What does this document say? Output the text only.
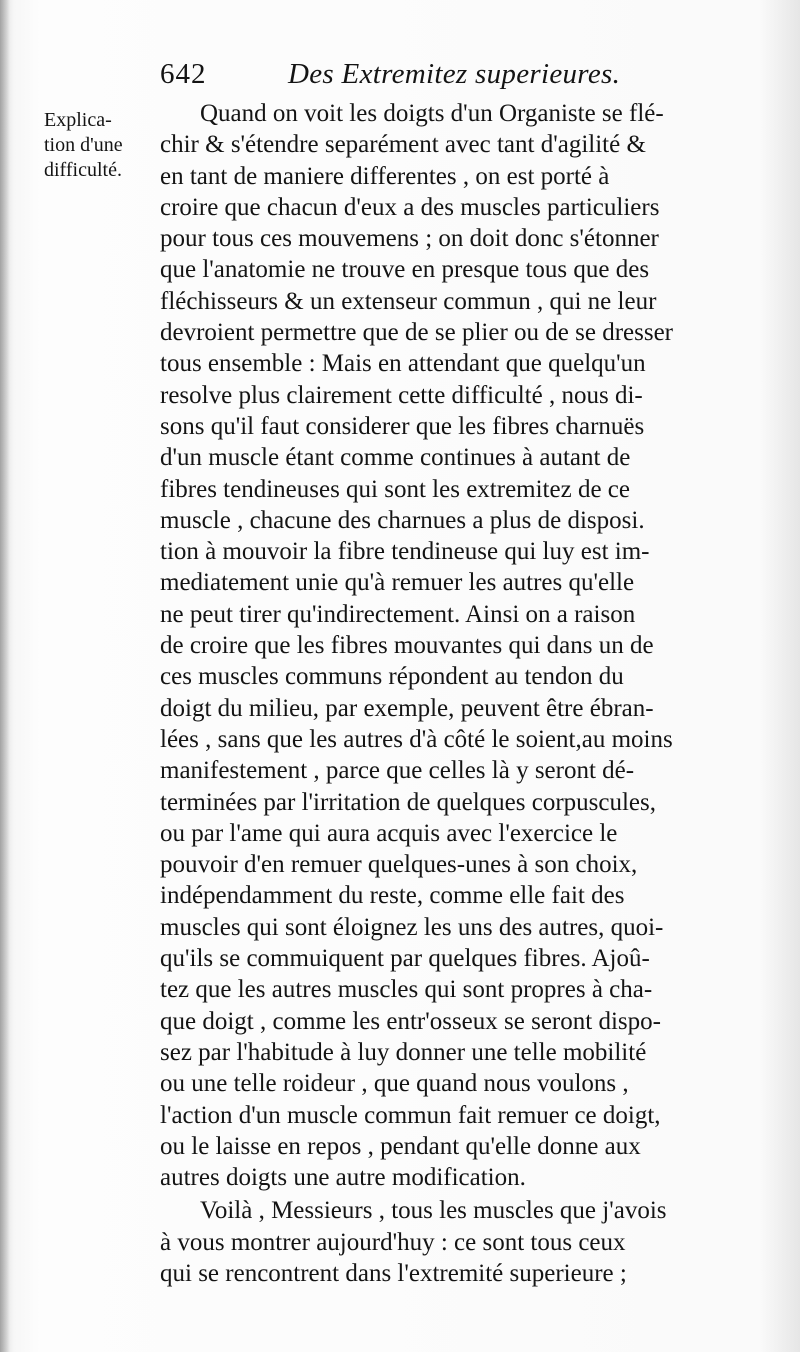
642	Des Extremitez superieures.
Explica-
tion d'une
difficulté.
Quand on voit les doigts d'un Organiste se flé-
chir & s'étendre separément avec tant d'agilité &
en tant de maniere differentes , on est porté à
croire que chacun d'eux a des muscles particuliers
pour tous ces mouvemens ; on doit donc s'étonner
que l'anatomie ne trouve en presque tous que des
fléchisseurs & un extenseur commun , qui ne leur
devroient permettre que de se plier ou de se dresser
tous ensemble : Mais en attendant que quelqu'un
resolve plus clairement cette difficulté , nous di-
sons qu'il faut considerer que les fibres charnuës
d'un muscle étant comme continues à autant de
fibres tendineuses qui sont les extremitez de ce
muscle , chacune des charnues a plus de disposi.
tion à mouvoir la fibre tendineuse qui luy est im-
mediatement unie qu'à remuer les autres qu'elle
ne peut tirer qu'indirectement. Ainsi on a raison
de croire que les fibres mouvantes qui dans un de
ces muscles communs répondent au tendon du
doigt du milieu, par exemple, peuvent être ébran-
lées , sans que les autres d'à côté le soient,au moins
manifestement , parce que celles là y seront dé-
terminées par l'irritation de quelques corpuscules,
ou par l'ame qui aura acquis avec l'exercice le
pouvoir d'en remuer quelques-unes à son choix,
indépendamment du reste, comme elle fait des
muscles qui sont éloignez les uns des autres, quoi-
qu'ils se commuiquent par quelques fibres. Ajoû-
tez que les autres muscles qui sont propres à cha-
que doigt , comme les entr'osseux se seront dispo-
sez par l'habitude à luy donner une telle mobilité
ou une telle roideur , que quand nous voulons ,
l'action d'un muscle commun fait remuer ce doigt,
ou le laisse en repos , pendant qu'elle donne aux
autres doigts une autre modification.
Voilà , Messieurs , tous les muscles que j'avois
à vous montrer aujourd'huy : ce sont tous ceux
qui se rencontrent dans l'extremité superieure ;
